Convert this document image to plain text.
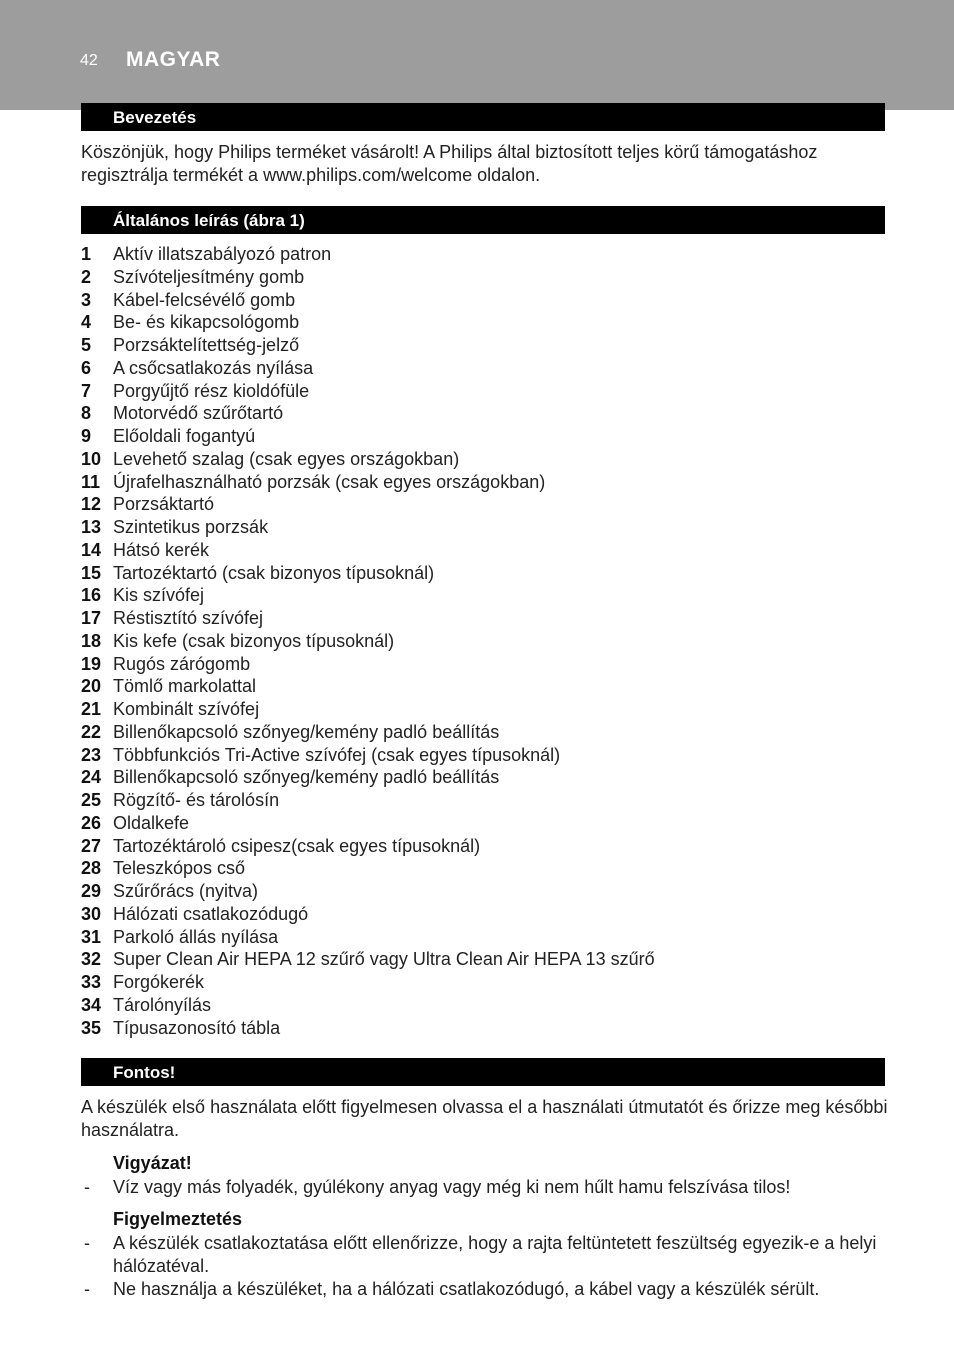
42 MAGYAR
Bevezetés
Köszönjük, hogy Philips terméket vásárolt! A Philips által biztosított teljes körű támogatáshoz regisztrálja termékét a www.philips.com/welcome oldalon.
Általános leírás (ábra 1)
1 Aktív illatszabályozó patron
2 Szívóteljesítmény gomb
3 Kábel-felcsévélő gomb
4 Be- és kikapcsológomb
5 Porzsáktelítettség-jelző
6 A csőcsatlakozás nyílása
7 Porgyűjtő rész kioldófüle
8 Motorvédő szűrőtartó
9 Előoldali fogantyú
10 Levehető szalag (csak egyes országokban)
11 Újrafelhasználható porzsák (csak egyes országokban)
12 Porzsáktartó
13 Szintetikus porzsák
14 Hátsó kerék
15 Tartozéktartó (csak bizonyos típusoknál)
16 Kis szívófej
17 Réstisztító szívófej
18 Kis kefe (csak bizonyos típusoknál)
19 Rugós zárógomb
20 Tömlő markolattal
21 Kombinált szívófej
22 Billenőkapcsoló szőnyeg/kemény padló beállítás
23 Többfunkciós Tri-Active szívófej (csak egyes típusoknál)
24 Billenőkapcsoló szőnyeg/kemény padló beállítás
25 Rögzítő- és tárolósín
26 Oldalkefe
27 Tartozéktároló csipesz(csak egyes típusoknál)
28 Teleszkópos cső
29 Szűrőrács (nyitva)
30 Hálózati csatlakozódugó
31 Parkoló állás nyílása
32 Super Clean Air HEPA 12 szűrő vagy Ultra Clean Air HEPA 13 szűrő
33 Forgókerék
34 Tárolónyílás
35 Típusazonosító tábla
Fontos!
A készülék első használata előtt figyelmesen olvassa el a használati útmutatót és őrizze meg későbbi használatra.
Vigyázat!
- Víz vagy más folyadék, gyúlékony anyag vagy még ki nem hűlt hamu felszívása tilos!
Figyelmeztetés
- A készülék csatlakoztatása előtt ellenőrizze, hogy a rajta feltüntetett feszültség egyezik-e a helyi hálózatéval.
- Ne használja a készüléket, ha a hálózati csatlakozódugó, a kábel vagy a készülék sérült.
